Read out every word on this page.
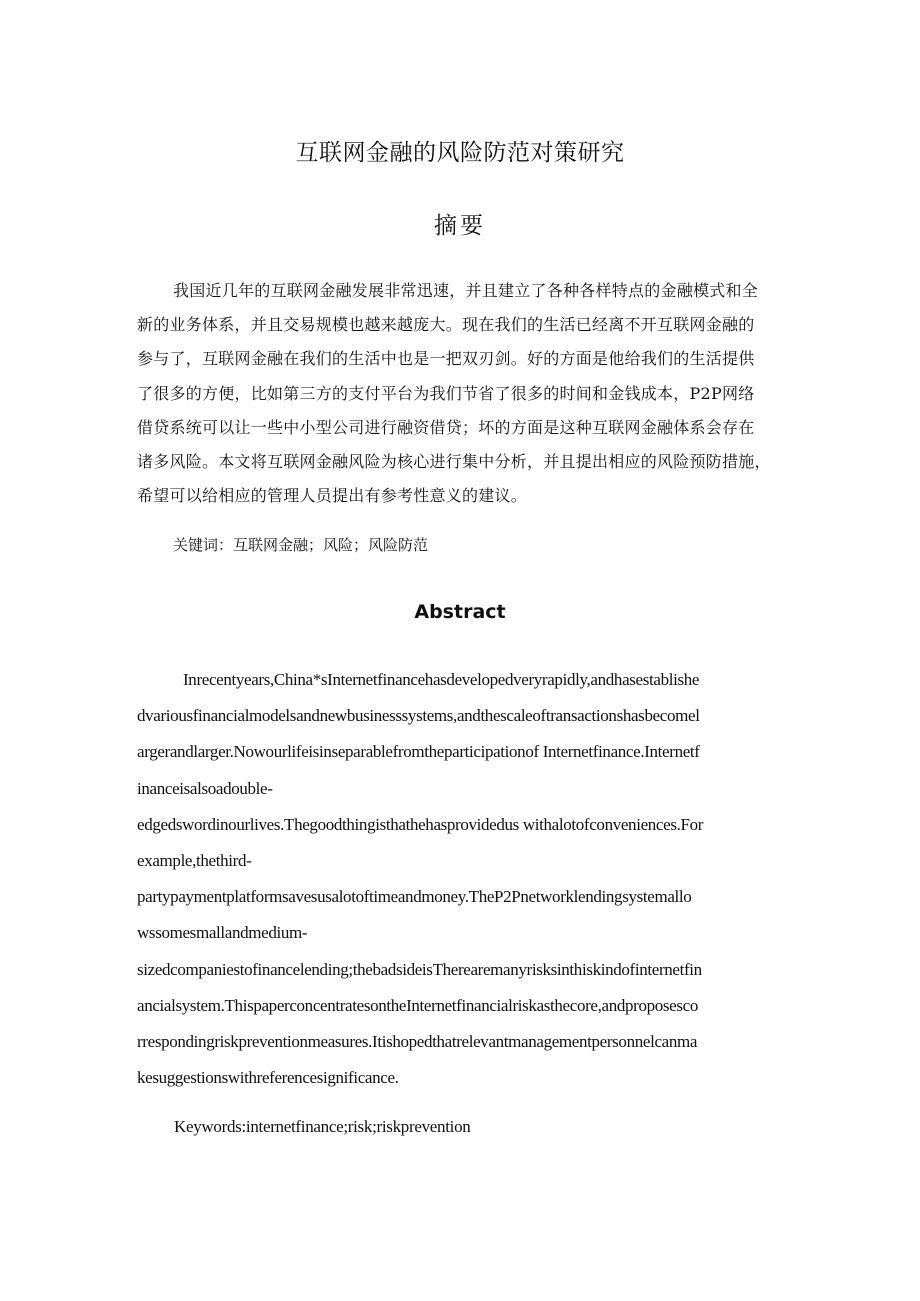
互联网金融的风险防范对策研究
摘要
我国近几年的互联网金融发展非常迅速，并且建立了各种各样特点的金融模式和全
新的业务体系，并且交易规模也越来越庞大。现在我们的生活已经离不开互联网金融的
参与了，互联网金融在我们的生活中也是一把双刃剑。好的方面是他给我们的生活提供
了很多的方便，比如第三方的支付平台为我们节省了很多的时间和金钱成本，P2P网络
借贷系统可以让一些中小型公司进行融资借贷；坏的方面是这种互联网金融体系会存在
诸多风险。本文将互联网金融风险为核心进行集中分析，并且提出相应的风险预防措施，
希望可以给相应的管理人员提出有参考性意义的建议。
关键词：互联网金融；风险；风险防范
Abstract
Inrecentyears,China*sInternetfinancehasdevelopedveryrapidly,andhasestablishe
dvariousfinancialmodelsandnewbusinesssystems,andthescaleoftransactionshasbecomel
argerandlarger.Nowourlifeisinseparablefromtheparticipationof Internetfinance.Internetf
inanceisalsoadouble-
edgedswordinourlives.Thegoodthingisthathehasprovidedus withalotofconveniences.For
example,thethird-
partypaymentplatformsavesusalotoftimeandmoney.TheP2Pnetworklendingsystemallo
wssomesmallandmedium-
sizedcompaniestofinancelending;thebadsideisTherearemanyrisksinthiskindofinternetfin
ancialsystem.ThispaperconcentratesontheInternetfinancialriskasthecore,andproposesco
rrespondingriskpreventionmeasures.Itishopedthatrelevantmanagementpersonnelcanma
kesuggestionswithreferencesignificance.
Keywords:internetfinance;risk;riskprevention
